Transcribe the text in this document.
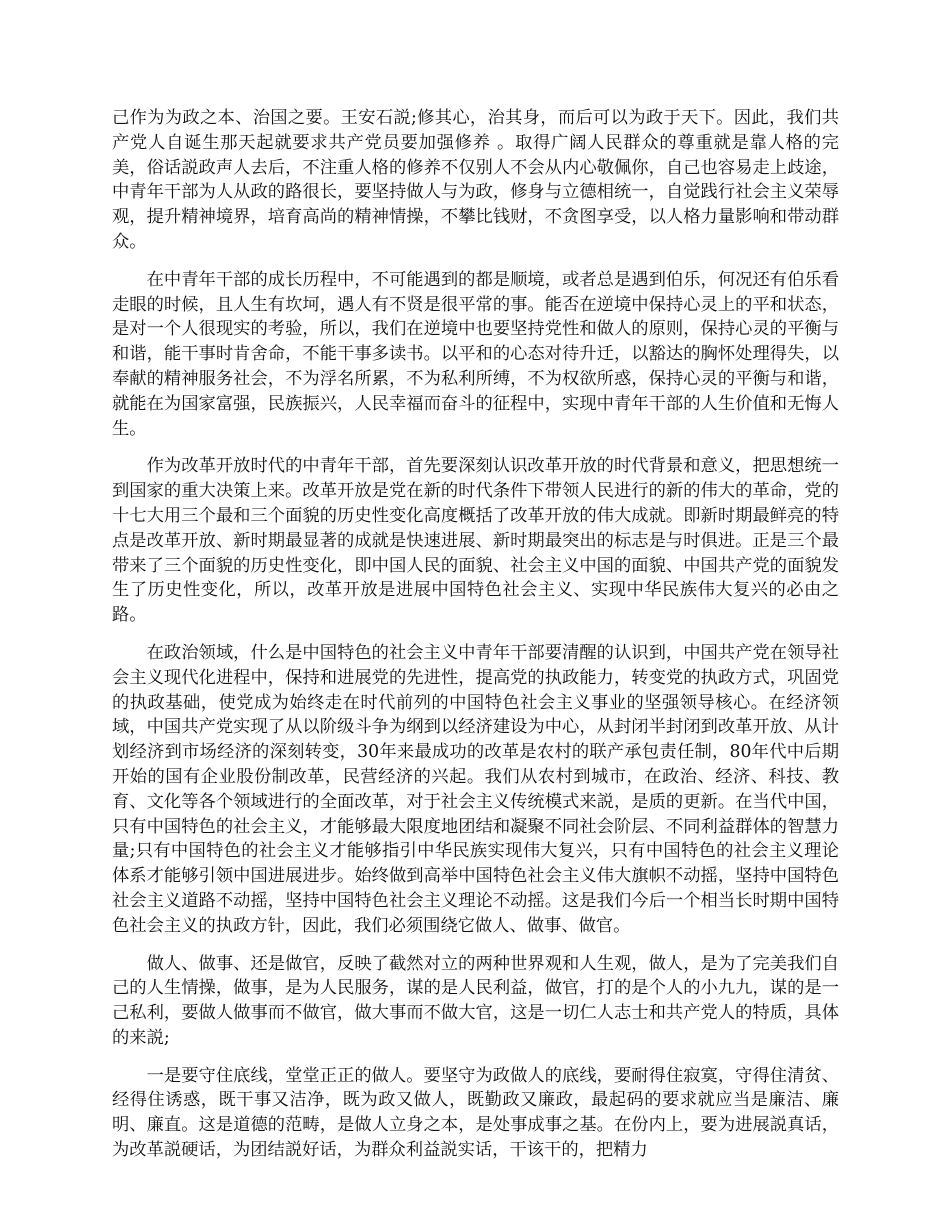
己作为为政之本、治国之要。王安石説;修其心，治其身，而后可以为政于天下。因此，我们共产党人自诞生那天起就要求共产党员要加强修养 。取得广阔人民群众的尊重就是靠人格的完美，俗话説政声人去后，不注重人格的修养不仅别人不会从内心敬佩你，自己也容易走上歧途，中青年干部为人从政的路很长，要坚持做人与为政，修身与立德相统一，自觉践行社会主义荣辱观，提升精神境界，培育高尚的精神情操，不攀比钱财，不贪图享受，以人格力量影响和带动群众。

在中青年干部的成长历程中，不可能遇到的都是顺境，或者总是遇到伯乐，何况还有伯乐看走眼的时候，且人生有坎坷，遇人有不贤是很平常的事。能否在逆境中保持心灵上的平和状态，是对一个人很现实的考验，所以，我们在逆境中也要坚持党性和做人的原则，保持心灵的平衡与和谐，能干事时肯舍命，不能干事多读书。以平和的心态对待升迁，以豁达的胸怀处理得失，以奉献的精神服务社会，不为浮名所累，不为私利所缚，不为权欲所惑，保持心灵的平衡与和谐，就能在为国家富强，民族振兴，人民幸福而奋斗的征程中，实现中青年干部的人生价值和无悔人生。

作为改革开放时代的中青年干部，首先要深刻认识改革开放的时代背景和意义，把思想统一到国家的重大决策上来。改革开放是党在新的时代条件下带领人民进行的新的伟大的革命，党的十七大用三个最和三个面貌的历史性变化高度概括了改革开放的伟大成就。即新时期最鲜亮的特点是改革开放、新时期最显著的成就是快速进展、新时期最突出的标志是与时俱进。正是三个最带来了三个面貌的历史性变化，即中国人民的面貌、社会主义中国的面貌、中国共产党的面貌发生了历史性变化，所以，改革开放是进展中国特色社会主义、实现中华民族伟大复兴的必由之路。

在政治领域，什么是中国特色的社会主义中青年干部要清醒的认识到，中国共产党在领导社会主义现代化进程中，保持和进展党的先进性，提高党的执政能力，转变党的执政方式，巩固党的执政基础，使党成为始终走在时代前列的中国特色社会主义事业的坚强领导核心。在经济领域，中国共产党实现了从以阶级斗争为纲到以经济建设为中心，从封闭半封闭到改革开放、从计划经济到市场经济的深刻转变，30年来最成功的改革是农村的联产承包责任制，80年代中后期开始的国有企业股份制改革，民营经济的兴起。我们从农村到城市，在政治、经济、科技、教育、文化等各个领域进行的全面改革，对于社会主义传统模式来説，是质的更新。在当代中国，只有中国特色的社会主义，才能够最大限度地团结和凝聚不同社会阶层、不同利益群体的智慧力量;只有中国特色的社会主义才能够指引中华民族实现伟大复兴，只有中国特色的社会主义理论体系才能够引领中国进展进步。始终做到高举中国特色社会主义伟大旗帜不动摇，坚持中国特色社会主义道路不动摇，坚持中国特色社会主义理论不动摇。这是我们今后一个相当长时期中国特色社会主义的执政方针，因此，我们必须围绕它做人、做事、做官。

做人、做事、还是做官，反映了截然对立的两种世界观和人生观，做人，是为了完美我们自己的人生情操，做事，是为人民服务，谋的是人民利益，做官，打的是个人的小九九，谋的是一己私利，要做人做事而不做官，做大事而不做大官，这是一切仁人志士和共产党人的特质，具体的来説;

一是要守住底线，堂堂正正的做人。要坚守为政做人的底线，要耐得住寂寞，守得住清贫、经得住诱惑，既干事又洁净，既为政又做人，既勤政又廉政，最起码的要求就应当是廉洁、廉明、廉直。这是道德的范畴，是做人立身之本，是处事成事之基。在份内上，要为进展説真话，为改革説硬话，为团结説好话，为群众利益説实话，干该干的，把精力
